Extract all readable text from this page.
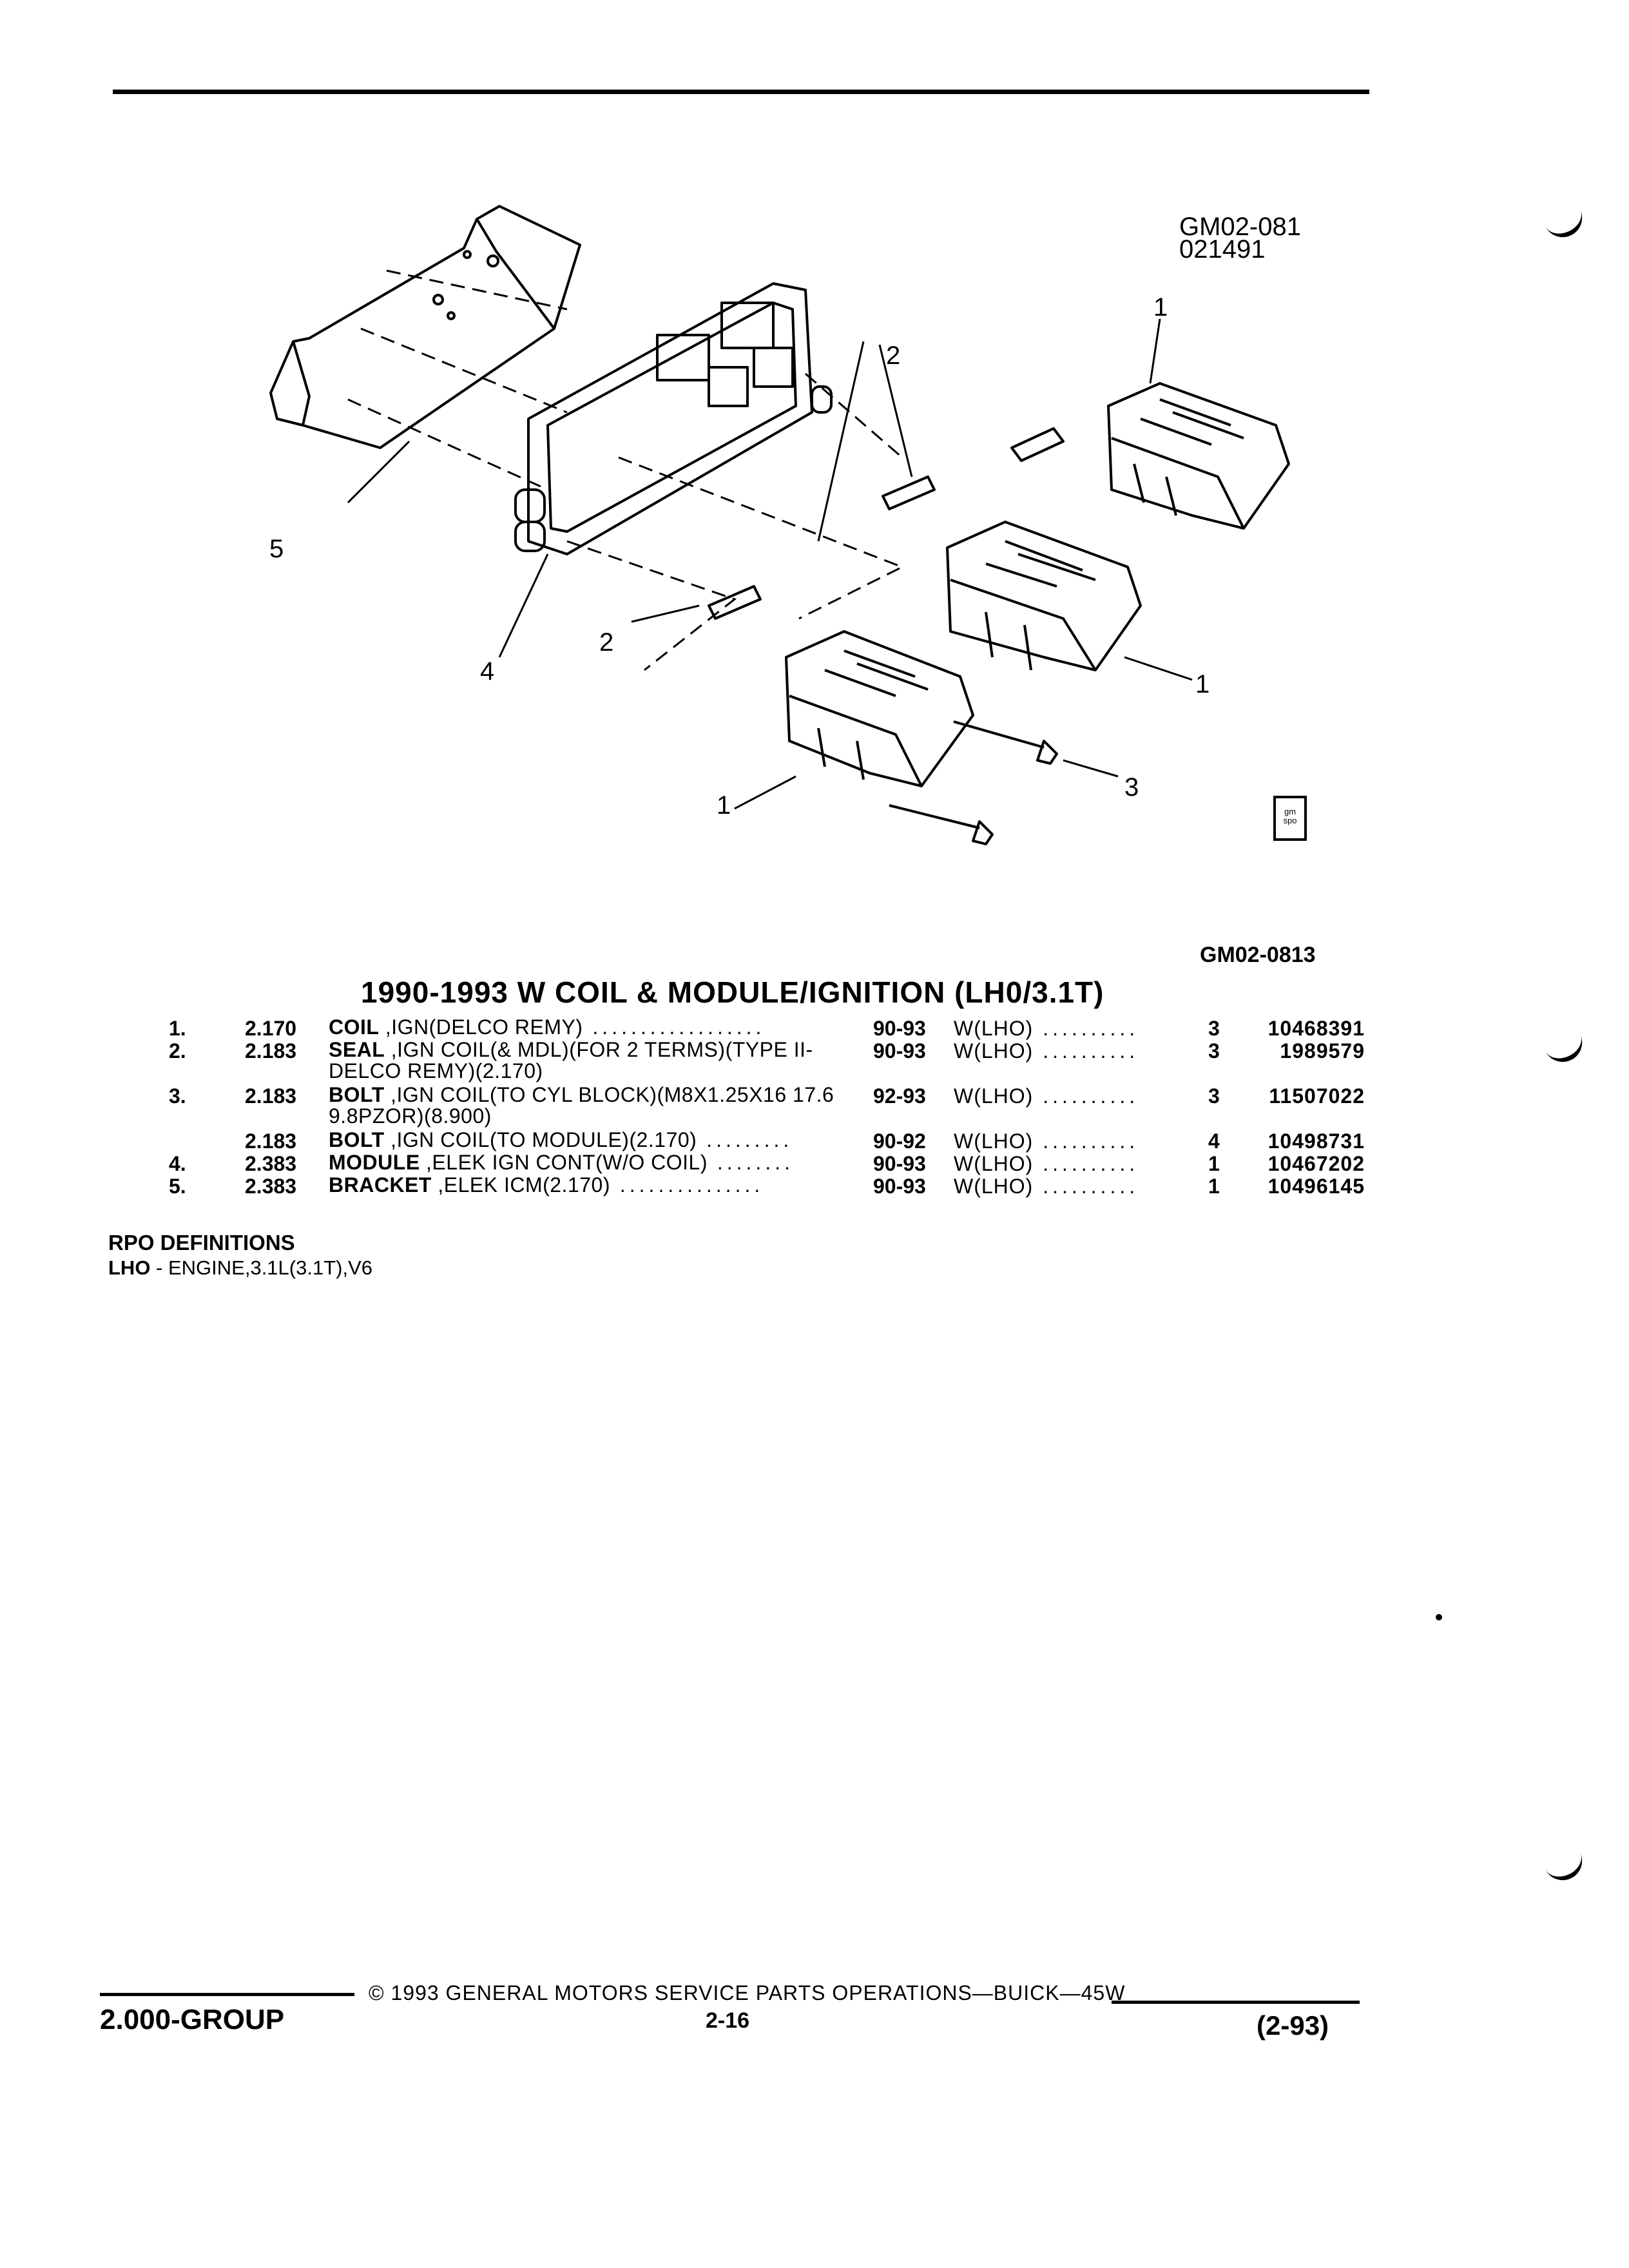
GM02-081
021491
GM02-0813
1
2
5
4
2
1
3
1	gm
spo
1990-1993 W COIL & MODULE/IGNITION (LH0/3.1T)
1.	2.170 COIL ,IGN(DELCO REMY) ..................	90-93 W(LHO) ..........	3 10468391
2.	2.183 SEAL ,IGN COIL(& MDL)(FOR 2 TERMS)(TYPE II-DELCO REMY)(2.170)
90-93 W(LHO) ..........	3	1989579
3.	2.183 BOLT ,IGN COIL(TO CYL BLOCK)(M8X1.25X16 17.6 9.8PZOR)(8.900)
92-93 W(LHO) ..........	3 11507022
2.183 BOLT ,IGN COIL(TO MODULE)(2.170) .........	90-92 W(LHO) ..........	4 10498731
4.	2.383 MODULE ,ELEK IGN CONT(W/O COIL) ........	90-93 W(LHO) ..........	1 10467202
5.	2.383 BRACKET ,ELEK ICM(2.170) ...............	90-93 W(LHO) ..........	1 10496145
RPO DEFINITIONS
LHO - ENGINE,3.1L(3.1T),V6
© 1993 GENERAL MOTORS SERVICE PARTS OPERATIONS—BUICK—45W
2.000-GROUP	2-16	(2-93)
